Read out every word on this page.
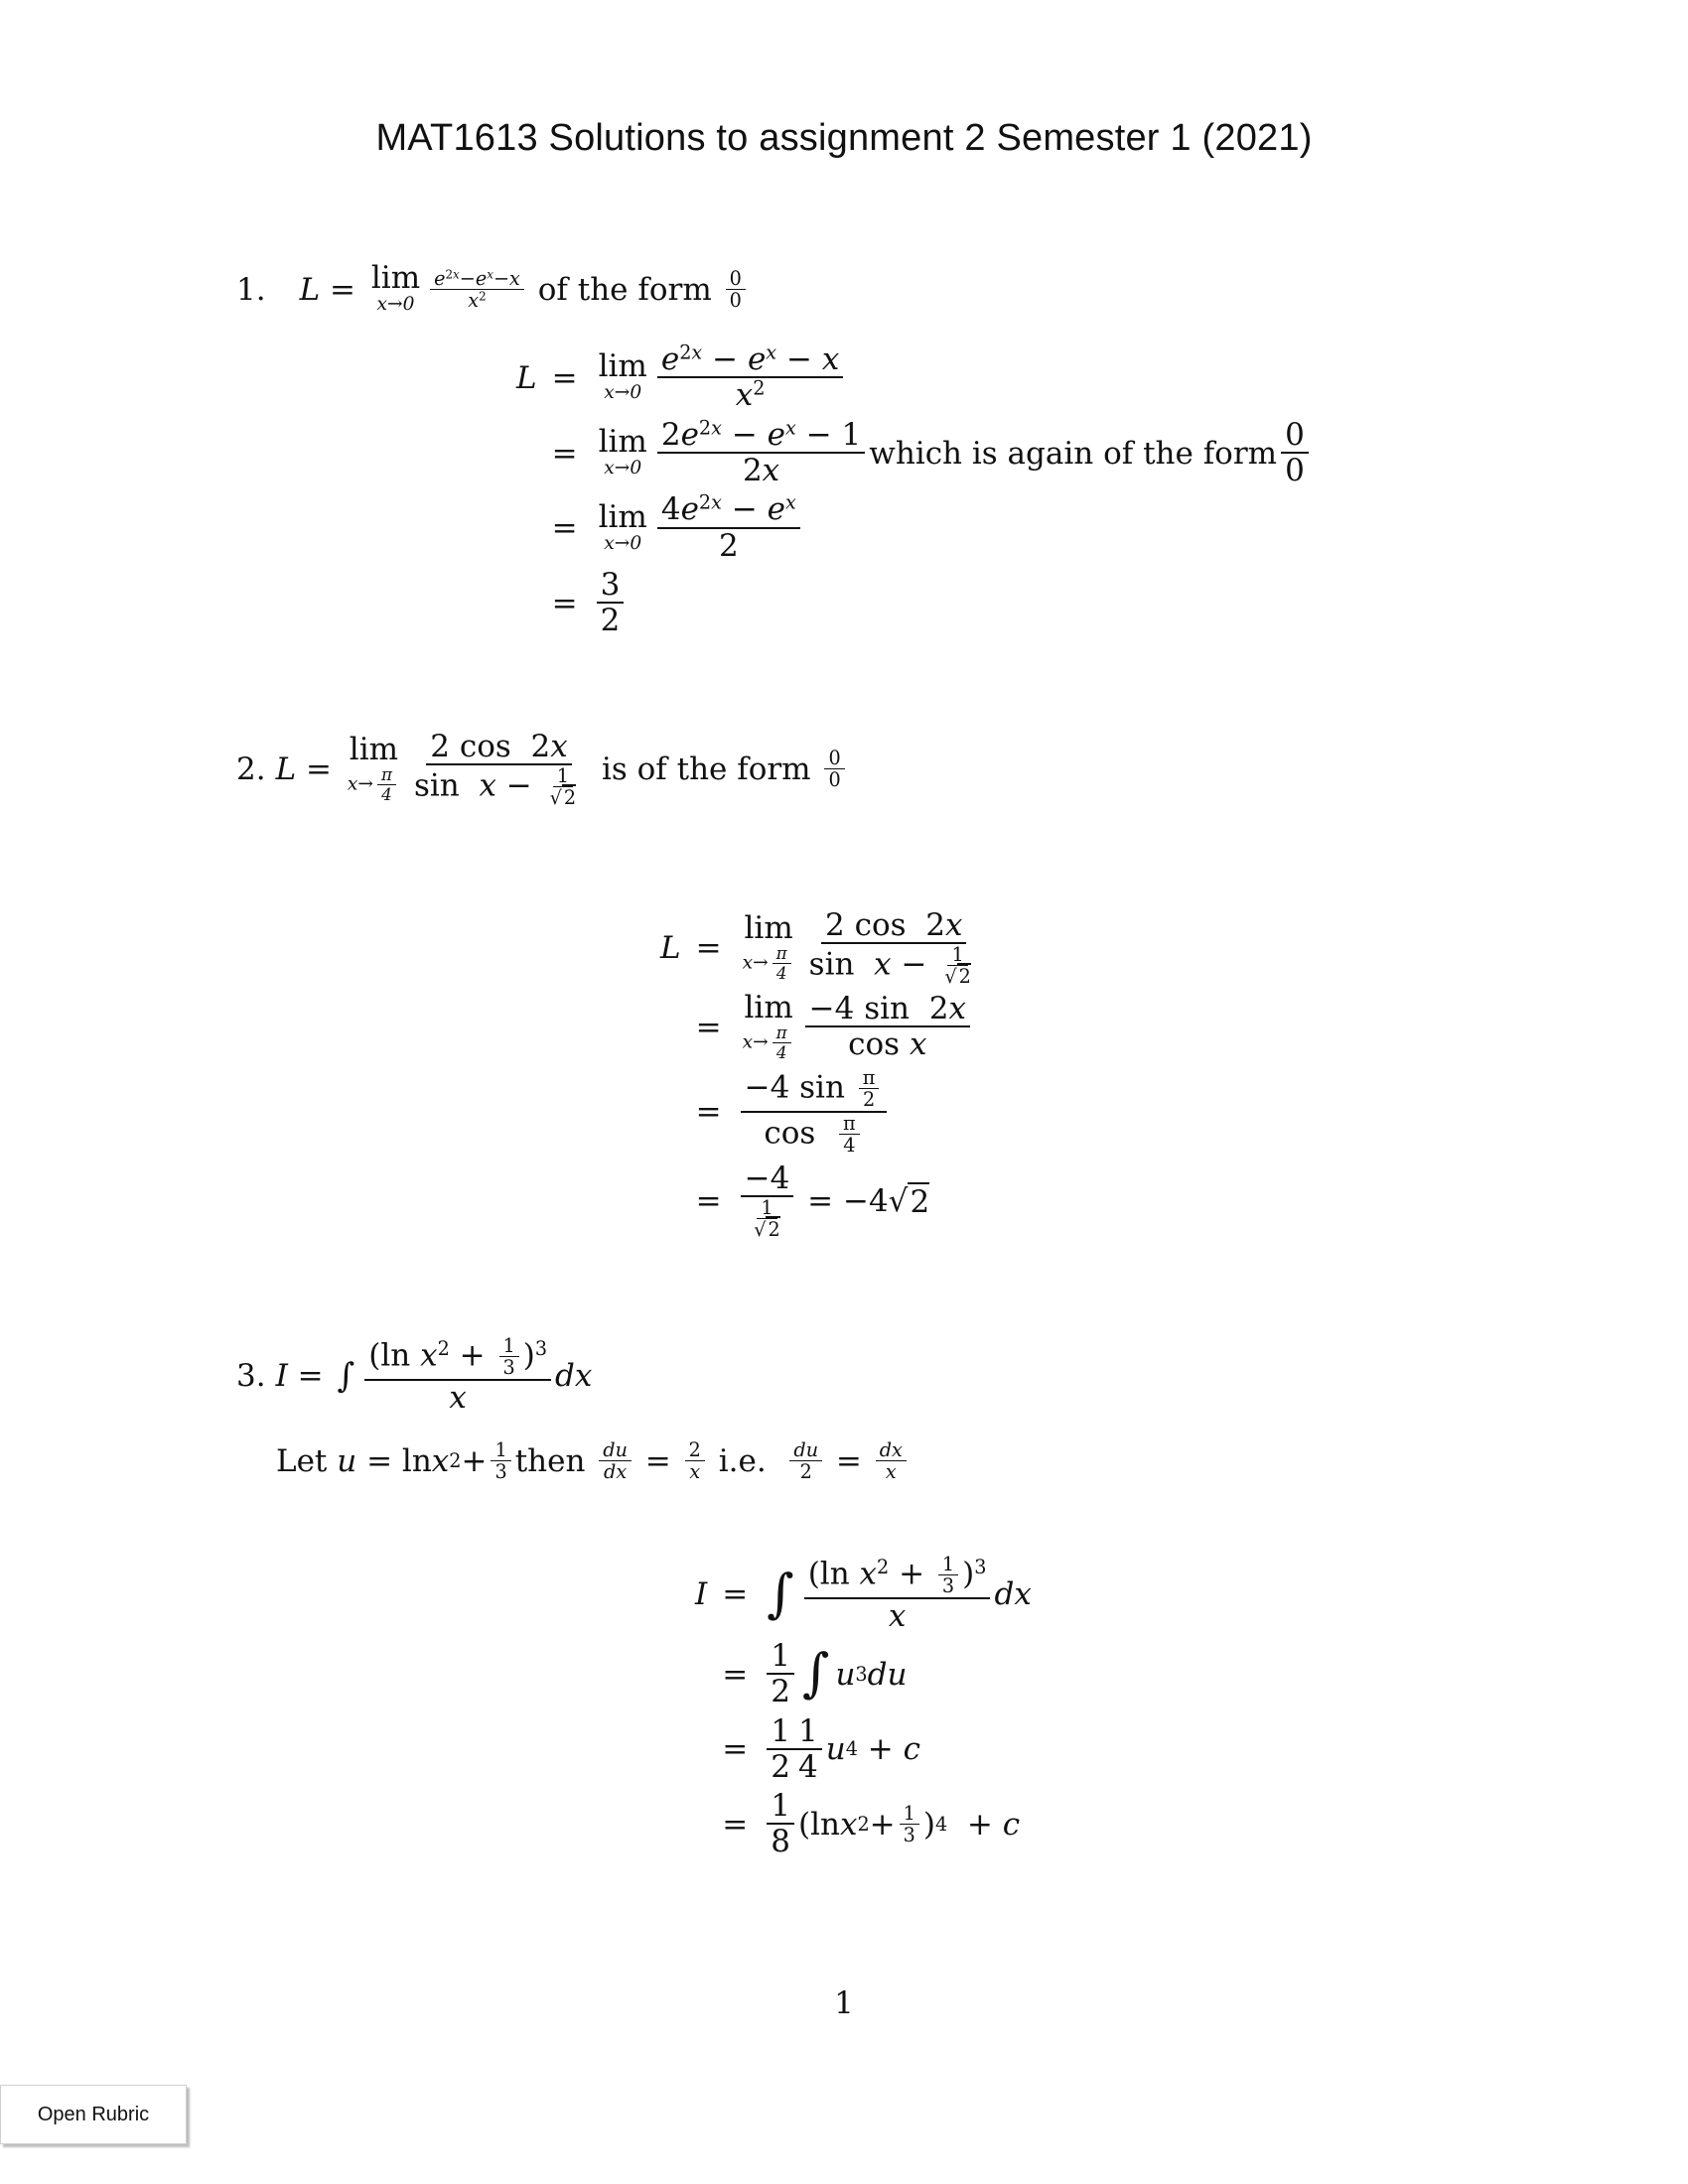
MAT1613 Solutions to assignment 2 Semester 1 (2021)
1. L = lim
$x\to 0 \frac{e^{2x}-e^x-x}{x^2}$
of the form
$\frac{0}{0}$
L = lim
$x\to 0 \frac{e^{2x} - e^x - x}{x^2}$
= lim
$x\to 0 \frac{2e^{2x} - e^x - 1}{2x}$ which is again of the form $\frac{0}{0}$
= lim
$x\to 0 \frac{4e^{2x} - e^x}{2}$
= $\frac{3}{2}$
2. L =
lim
$x\to \frac{\pi}{4} \frac{2 \cos 2x}{\sin x - \frac{1}{√ 2}}$
is of the form
$\frac{0}{0}$
L =
lim
$x\to \frac{\pi}{4} \frac{2 \cos 2x}{\sin x - \frac{1}{√ 2}}$
=
lim
$x\to \frac{\pi}{4} \frac{-4 \sin 2x}{\text{cos x}}$
= $\frac{-4 \sin \frac{\pi}{2}}{\cos \frac{\pi}{4}}$
= $\frac{-4}{\frac{1}{√ 2}} = -4√$ 2
3. I = ∫ $\frac{(\ln x^2 + \frac{1}{3} )^3}{x}$ dx
Let
u = ln x $2 + \frac{1}{3}$ then
$\frac{du}{dx} = \frac{2}{x}$
i.e.
$\frac{du}{2} = \frac{dx}{x}$
I = ∫ $\frac{(\ln x^2 + \frac{1}{3} )^3}{x}$ dx
= $\frac{1}{2}$ ∫ u 3 du
= $\frac{1}{2} \frac{1}{4}$ u 4 + c
= $\frac{1}{8} (\ln$ x $2 + \frac{1}{3}$ ) 4 + c
1
Open Rubric
